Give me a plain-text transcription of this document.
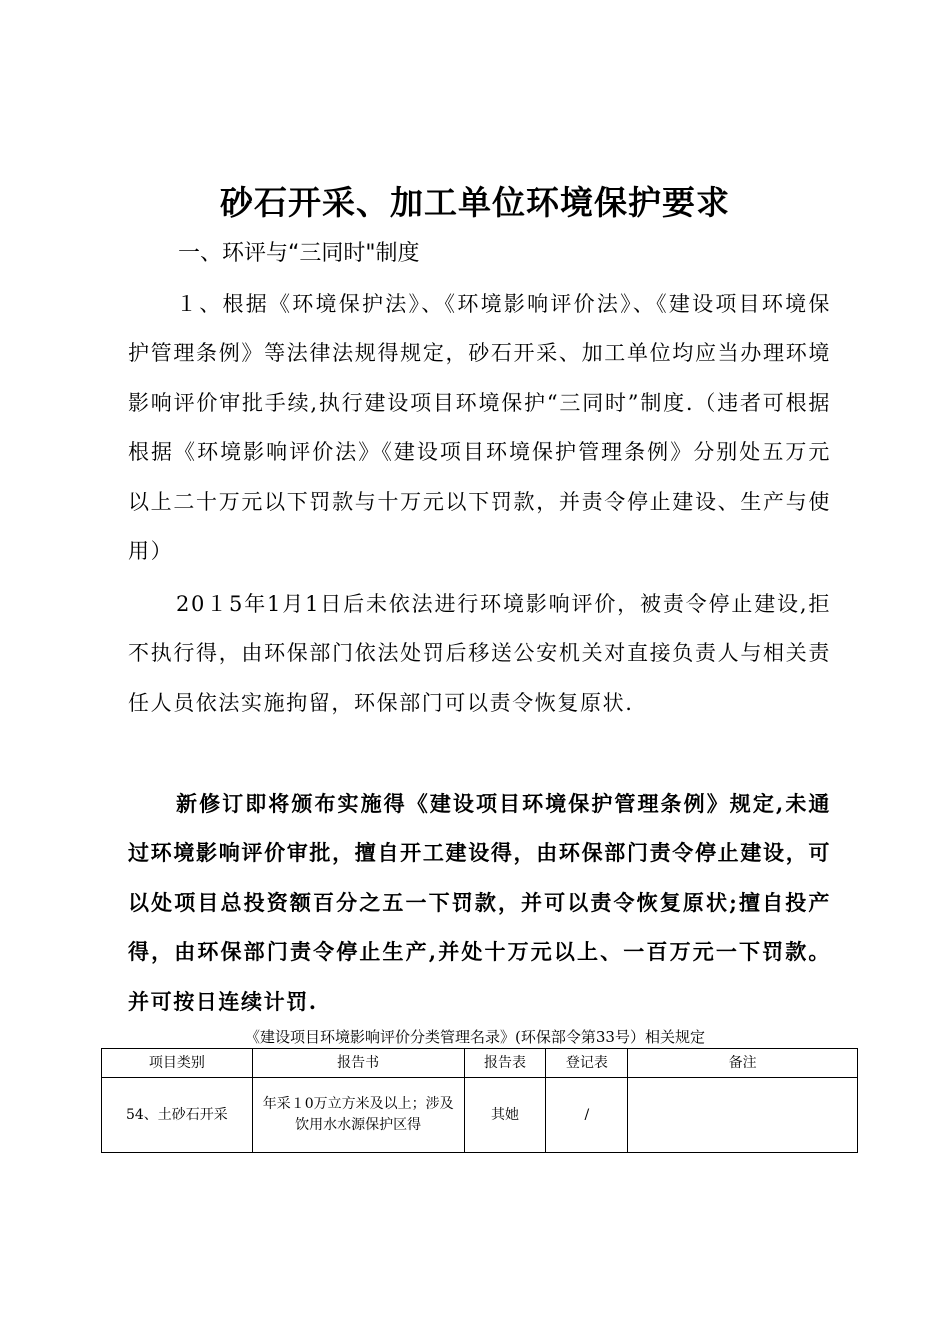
砂石开采、加工单位环境保护要求
一、环评与“三同时"制度

１、根据《环境保护法》、《环境影响评价法》、《建设项目环境保护管理条例》等法律法规得规定，砂石开采、加工单位均应当办理环境影响评价审批手续,执行建设项目环境保护“三同时”制度.（违者可根据根据《环境影响评价法》《建设项目环境保护管理条例》分别处五万元以上二十万元以下罚款与十万元以下罚款，并责令停止建设、生产与使用）

20１5年1月1日后未依法进行环境影响评价，被责令停止建设,拒不执行得，由环保部门依法处罚后移送公安机关对直接负责人与相关责任人员依法实施拘留，环保部门可以责令恢复原状.

新修订即将颁布实施得《建设项目环境保护管理条例》规定,未通过环境影响评价审批，擅自开工建设得，由环保部门责令停止建设，可以处项目总投资额百分之五一下罚款，并可以责令恢复原状;擅自投产得，由环保部门责令停止生产,并处十万元以上、一百万元一下罚款。并可按日连续计罚.

《建设项目环境影响评价分类管理名录》(环保部令第33号）相关规定
项目类别	报告书	报告表	登记表	备注
54、土砂石开采	年采１0万立方米及以上；涉及饮用水水源保护区得	其她	/	
